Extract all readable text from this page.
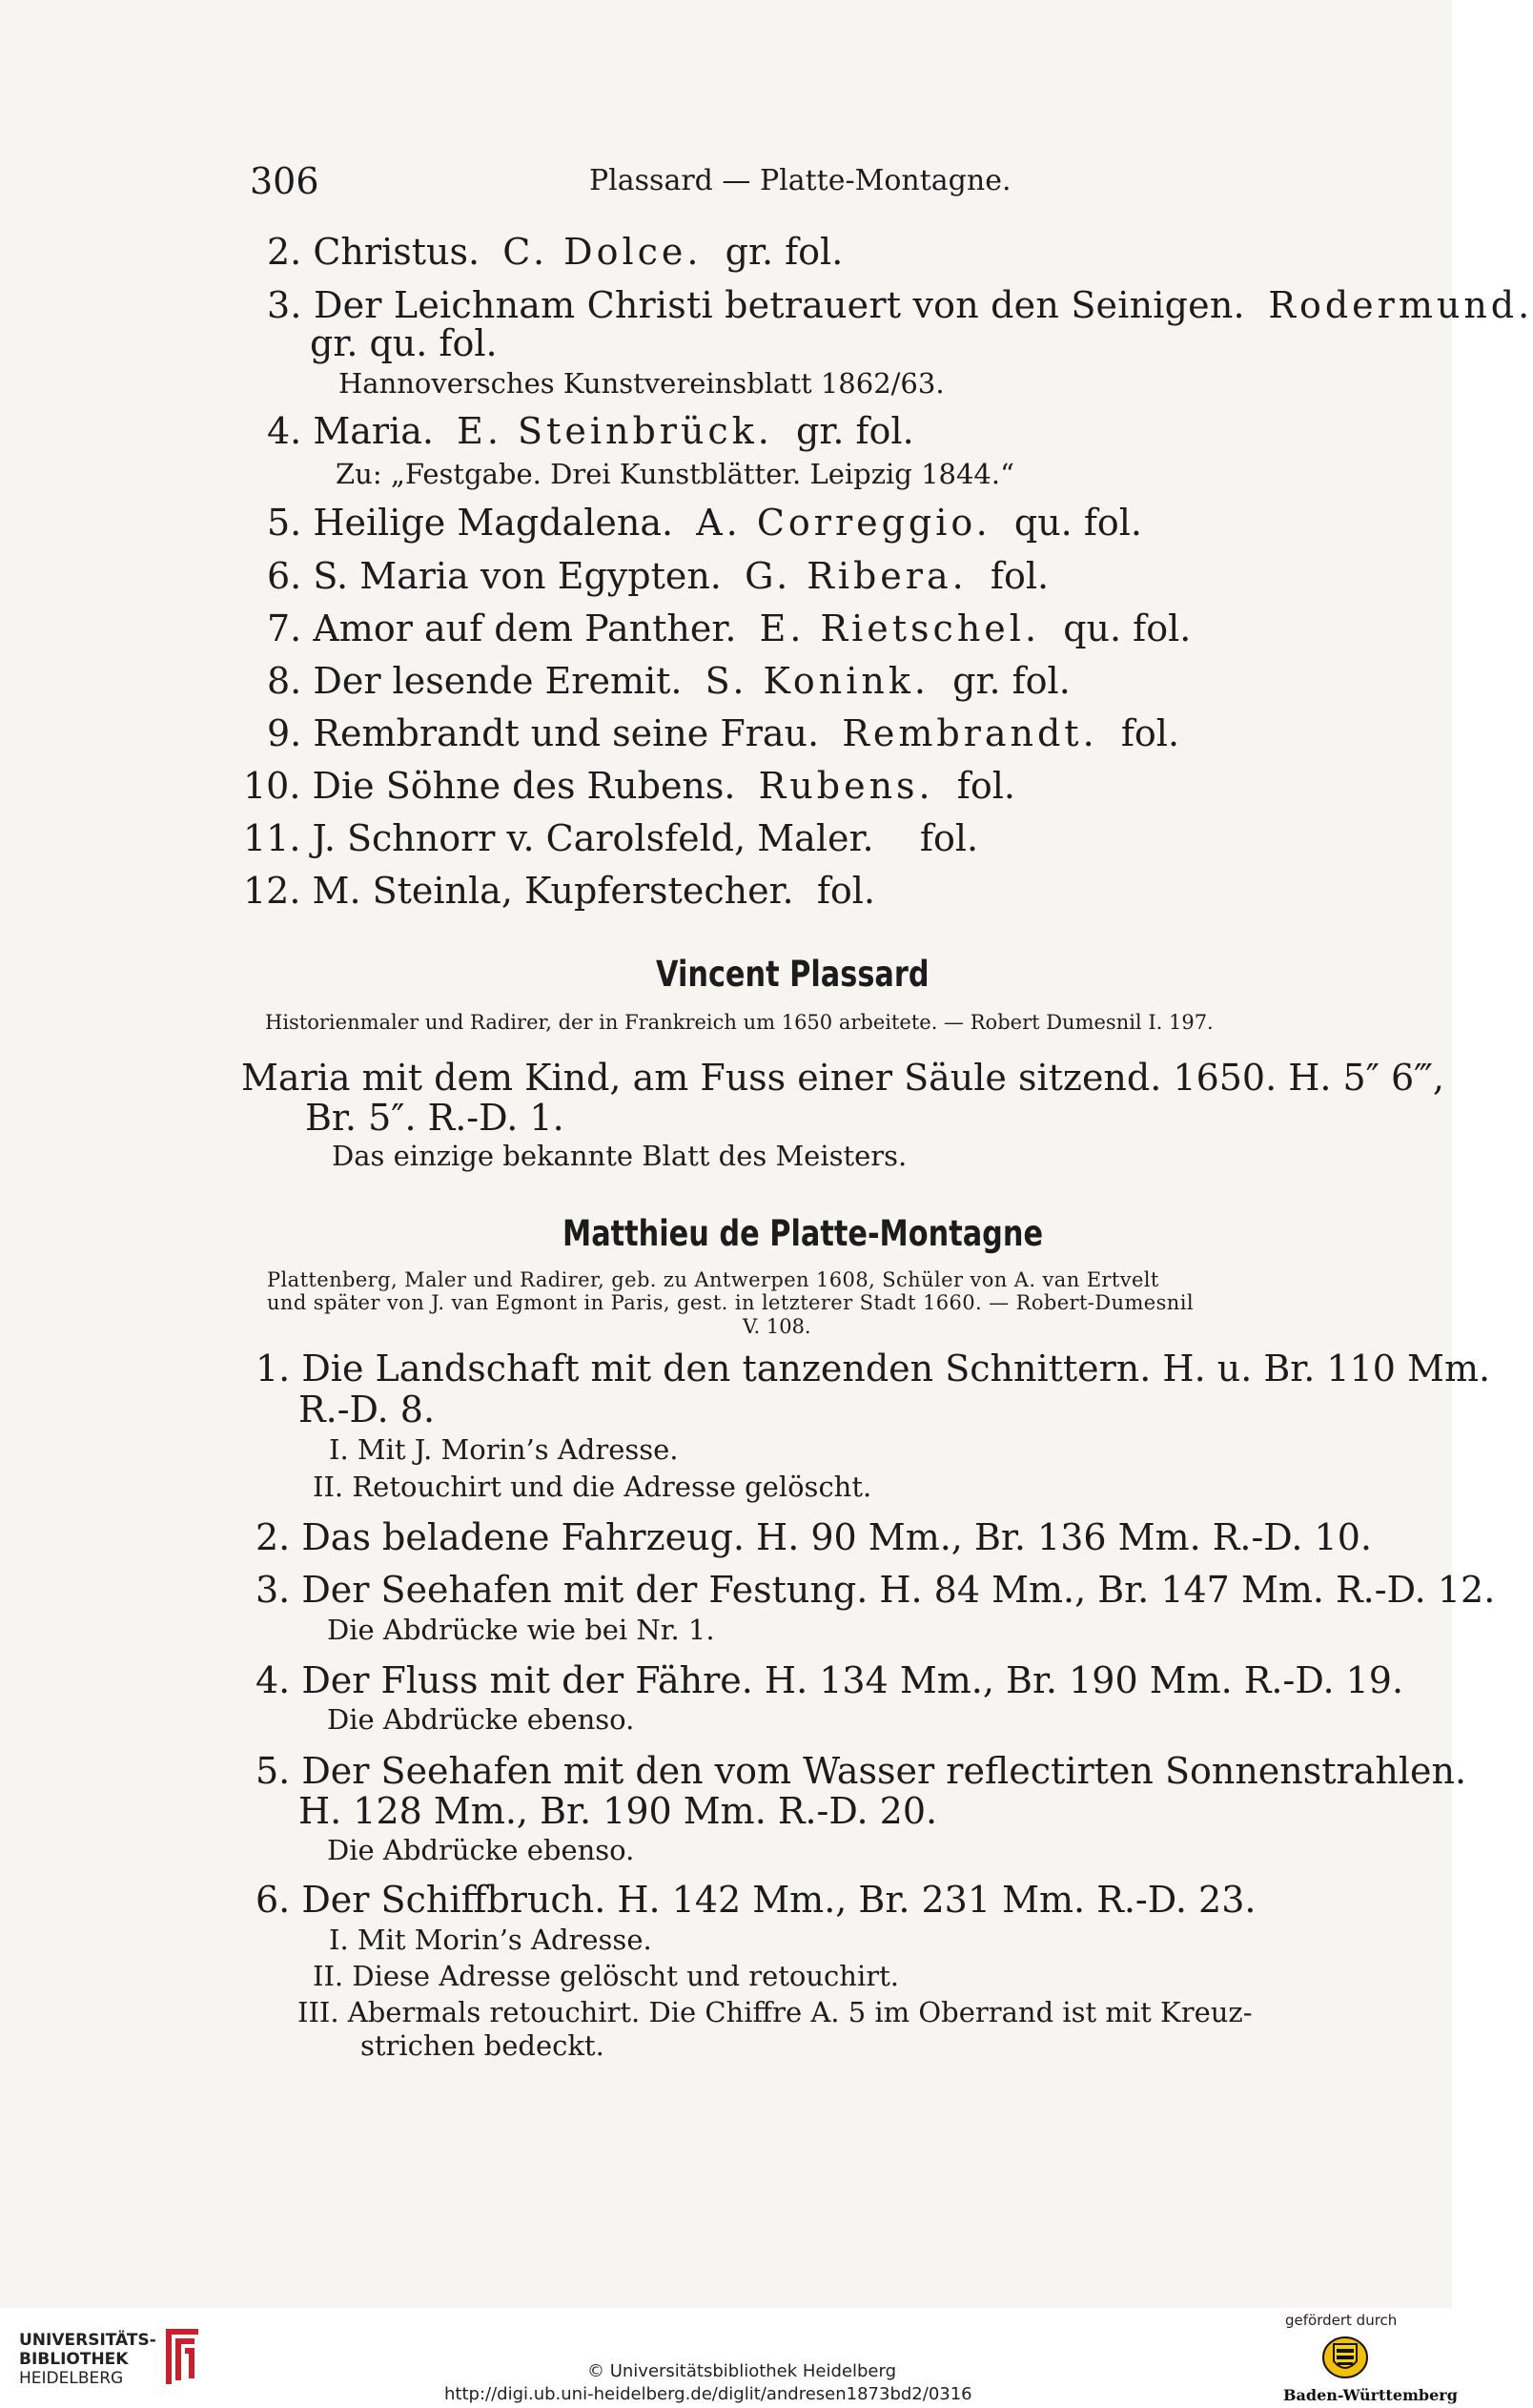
306	Plassard — Platte-Montagne.
2. Christus. C. Dolce. gr. fol.
3. Der Leichnam Christi betrauert von den Seinigen. Rodermund.
gr. qu. fol.
Hannoversches Kunstvereinsblatt 1862/63.
4. Maria. E. Steinbrück. gr. fol.
Zu: „Festgabe. Drei Kunstblätter. Leipzig 1844.“
5. Heilige Magdalena. A. Correggio. qu. fol.
6. S. Maria von Egypten. G. Ribera. fol.
7. Amor auf dem Panther. E. Rietschel. qu. fol.
8. Der lesende Eremit. S. Konink. gr. fol.
9. Rembrandt und seine Frau. Rembrandt. fol.
10. Die Söhne des Rubens. Rubens. fol.
11. J. Schnorr v. Carolsfeld, Maler. fol.
12. M. Steinla, Kupferstecher. fol.

Vincent Plassard
Historienmaler und Radirer, der in Frankreich um 1650 arbeitete. — Robert Dumesnil I. 197.
Maria mit dem Kind, am Fuss einer Säule sitzend. 1650. H. 5″ 6‴,
Br. 5″. R.-D. 1.
Das einzige bekannte Blatt des Meisters.
Matthieu de Platte-Montagne
Plattenberg, Maler und Radirer, geb. zu Antwerpen 1608, Schüler von A. van Ertvelt
und später von J. van Egmont in Paris, gest. in letzterer Stadt 1660. — Robert-Dumesnil
V. 108.
1. Die Landschaft mit den tanzenden Schnittern. H. u. Br. 110 Mm.
R.-D. 8.
I. Mit J. Morin’s Adresse.
II. Retouchirt und die Adresse gelöscht.
2. Das beladene Fahrzeug. H. 90 Mm., Br. 136 Mm. R.-D. 10.
3. Der Seehafen mit der Festung. H. 84 Mm., Br. 147 Mm. R.-D. 12.
Die Abdrücke wie bei Nr. 1.
4. Der Fluss mit der Fähre. H. 134 Mm., Br. 190 Mm. R.-D. 19.
Die Abdrücke ebenso.
5. Der Seehafen mit den vom Wasser reflectirten Sonnenstrahlen.
H. 128 Mm., Br. 190 Mm. R.-D. 20.
Die Abdrücke ebenso.
6. Der Schiffbruch. H. 142 Mm., Br. 231 Mm. R.-D. 23.
I. Mit Morin’s Adresse.
II. Diese Adresse gelöscht und retouchirt.
III. Abermals retouchirt. Die Chiffre A. 5 im Oberrand ist mit Kreuz-
strichen bedeckt.
UNIVERSITÄTS-
BIBLIOTHEK
HEIDELBERG	© Universitätsbibliothek Heidelberg
http://digi.ub.uni-heidelberg.de/diglit/andresen1873bd2/0316
gefördert durch
Baden-Württemberg
